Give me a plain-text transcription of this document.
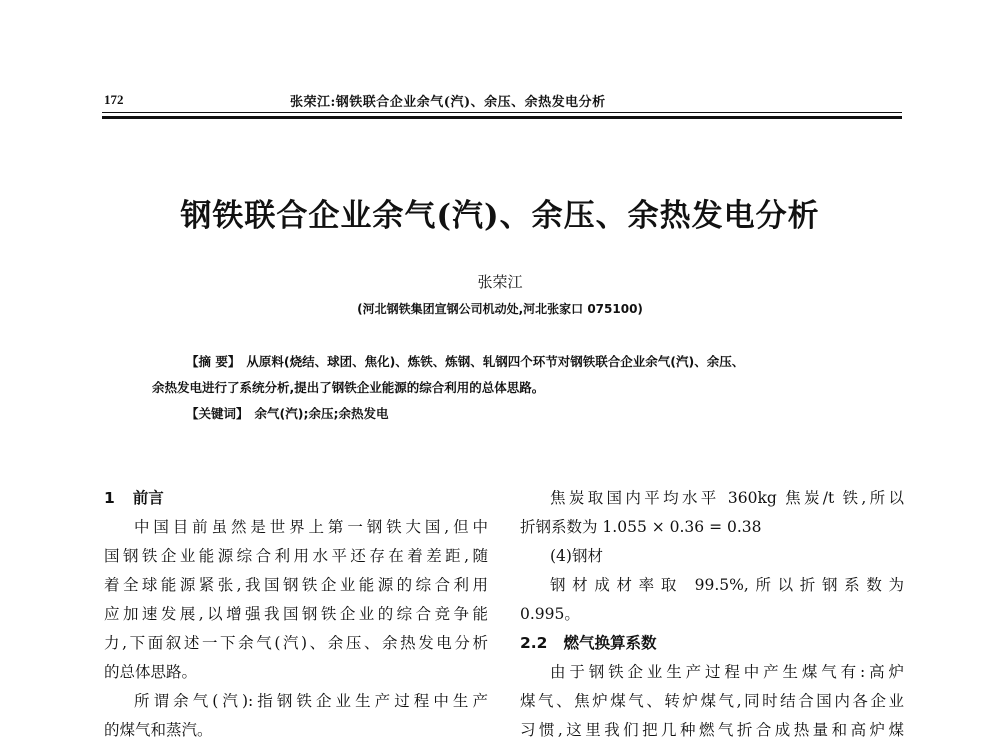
172	张荣江:钢铁联合企业余气(汽)、余压、余热发电分析
钢铁联合企业余气(汽)、余压、余热发电分析
张荣江
(河北钢铁集团宣钢公司机动处,河北张家口 075100)
【摘 要】 从原料(烧结、球团、焦化)、炼铁、炼钢、轧钢四个环节对钢铁联合企业余气(汽)、余压、
余热发电进行了系统分析,提出了钢铁企业能源的综合利用的总体思路。
【关键词】 余气(汽);余压;余热发电
1 前言
中国目前虽然是世界上第一钢铁大国,但中
国钢铁企业能源综合利用水平还存在着差距,随
着全球能源紧张,我国钢铁企业能源的综合利用
应加速发展,以增强我国钢铁企业的综合竞争能
力,下面叙述一下余气(汽)、余压、余热发电分析
的总体思路。
所谓余气(汽):指钢铁企业生产过程中生产
的煤气和蒸汽。
焦炭取国内平均水平 360kg 焦炭/t 铁,所以
折钢系数为 1.055 × 0.36 = 0.38
(4)钢材
钢材成材率取 99.5%,所以折钢系数为
0.995。
2.2 燃气换算系数
由于钢铁企业生产过程中产生煤气有:高炉
煤气、焦炉煤气、转炉煤气,同时结合国内各企业
习惯,这里我们把几种燃气折合成热量和高炉煤
